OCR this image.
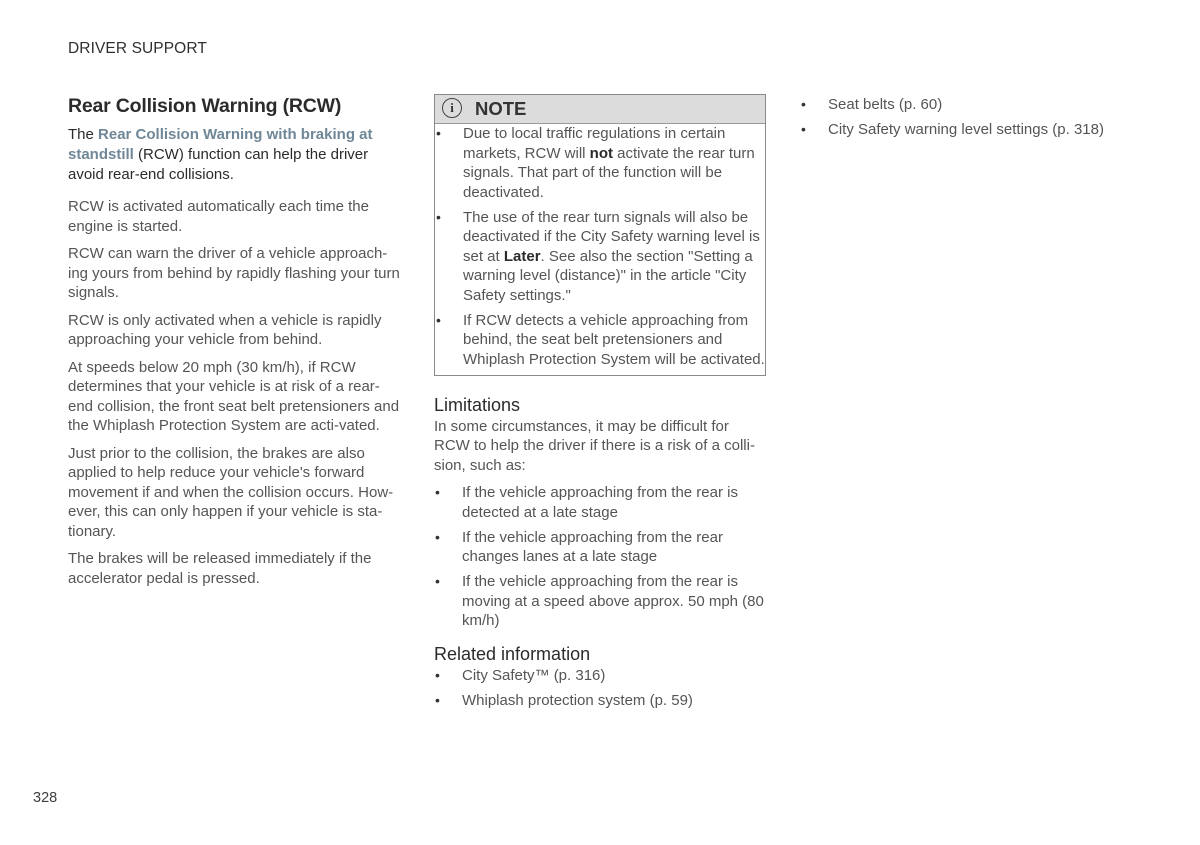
DRIVER SUPPORT
Rear Collision Warning (RCW)

The Rear Collision Warning with braking at standstill (RCW) function can help the driver avoid rear-end collisions.

RCW is activated automatically each time the engine is started.

RCW can warn the driver of a vehicle approach-ing yours from behind by rapidly flashing your turn signals.

RCW is only activated when a vehicle is rapidly approaching your vehicle from behind.

At speeds below 20 mph (30 km/h), if RCW determines that your vehicle is at risk of a rear-end collision, the front seat belt pretensioners and the Whiplash Protection System are acti-vated.

Just prior to the collision, the brakes are also applied to help reduce your vehicle's forward movement if and when the collision occurs. How-ever, this can only happen if your vehicle is sta-tionary.

The brakes will be released immediately if the accelerator pedal is pressed.

i	NOTE
• Due to local traffic regulations in certain markets, RCW will not activate the rear turn signals. That part of the function will be deactivated.
• The use of the rear turn signals will also be deactivated if the City Safety warning level is set at Later. See also the section "Setting a warning level (distance)" in the article "City Safety settings."
• If RCW detects a vehicle approaching from behind, the seat belt pretensioners and Whiplash Protection System will be activated.
Limitations

In some circumstances, it may be difficult for RCW to help the driver if there is a risk of a colli-sion, such as:

• If the vehicle approaching from the rear is detected at a late stage
• If the vehicle approaching from the rear changes lanes at a late stage
• If the vehicle approaching from the rear is moving at a speed above approx. 50 mph (80 km/h)
Related information
• City Safety™ (p. 316)
• Whiplash protection system (p. 59)
• Seat belts (p. 60)
• City Safety warning level settings (p. 318)
328
